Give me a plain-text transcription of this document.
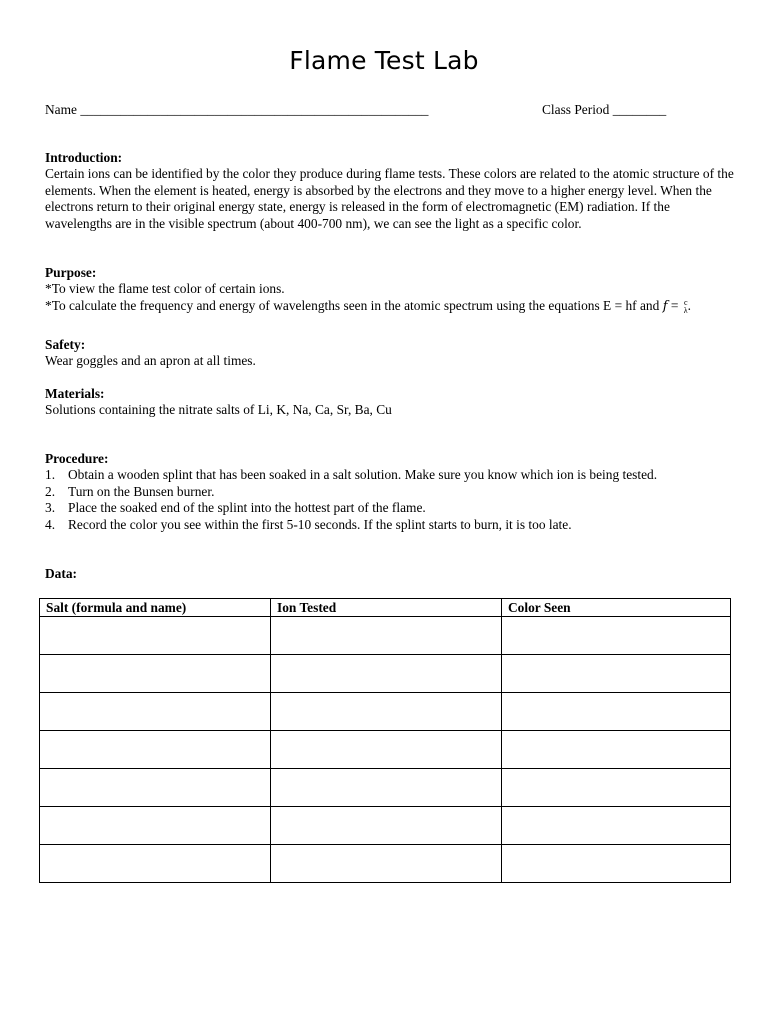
Flame Test Lab
Name ____________________________________________________	Class Period ________
Introduction:

Certain ions can be identified by the color they produce during flame tests. These colors are related to the atomic structure of the elements. When the element is heated, energy is absorbed by the electrons and they move to a higher energy level. When the electrons return to their original energy state, energy is released in the form of electromagnetic (EM) radiation. If the wavelengths are in the visible spectrum (about 400-700 nm), we can see the light as a specific color.

Purpose:
*To view the flame test color of certain ions.
*To calculate the frequency and energy of wavelengths seen in the atomic spectrum using the equations E = hf and f = c
λ .
Safety:
Wear goggles and an apron at all times.
Materials:
Solutions containing the nitrate salts of Li, K, Na, Ca, Sr, Ba, Cu
Procedure:
1. Obtain a wooden splint that has been soaked in a salt solution. Make sure you know which ion is being tested.
2. Turn on the Bunsen burner.
3. Place the soaked end of the splint into the hottest part of the flame.
4. Record the color you see within the first 5-10 seconds. If the splint starts to burn, it is too late.
Data:
Salt (formula and name)	Ion Tested	Color Seen
